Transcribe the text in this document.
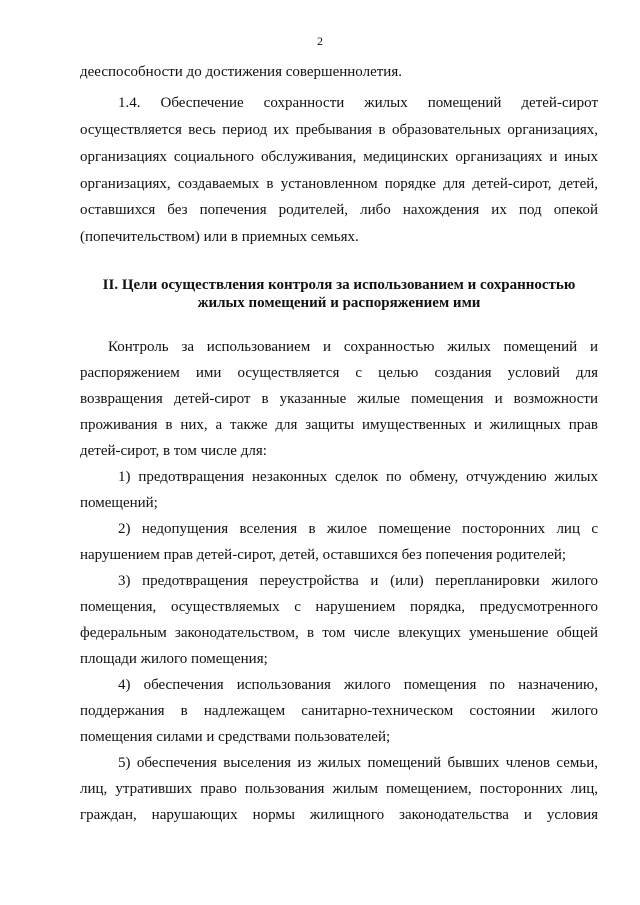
2
дееспособности до достижения совершеннолетия.
1.4. Обеспечение сохранности жилых помещений детей-сирот
осуществляется весь период их пребывания в образовательных организациях,
организациях социального обслуживания, медицинских организациях и иных
организациях, создаваемых в установленном порядке для детей-сирот, детей,
оставшихся без попечения родителей, либо нахождения их под опекой
(попечительством) или в приемных семьях.
II. Цели осуществления контроля за использованием и сохранностью
жилых помещений и распоряжением ими
Контроль за использованием и сохранностью жилых помещений и
распоряжением ими осуществляется с целью создания условий для
возвращения детей-сирот в указанные жилые помещения и возможности
проживания в них, а также для защиты имущественных и жилищных прав
детей-сирот, в том числе для:
1) предотвращения незаконных сделок по обмену, отчуждению жилых
помещений;
2) недопущения вселения в жилое помещение посторонних лиц с
нарушением прав детей-сирот, детей, оставшихся без попечения родителей;
3) предотвращения переустройства и (или) перепланировки жилого
помещения, осуществляемых с нарушением порядка, предусмотренного
федеральным законодательством, в том числе влекущих уменьшение общей
площади жилого помещения;
4) обеспечения использования жилого помещения по назначению,
поддержания в надлежащем санитарно-техническом состоянии жилого
помещения силами и средствами пользователей;
5) обеспечения выселения из жилых помещений бывших членов семьи,
лиц, утративших право пользования жилым помещением, посторонних лиц,
граждан, нарушающих нормы жилищного законодательства и условия
